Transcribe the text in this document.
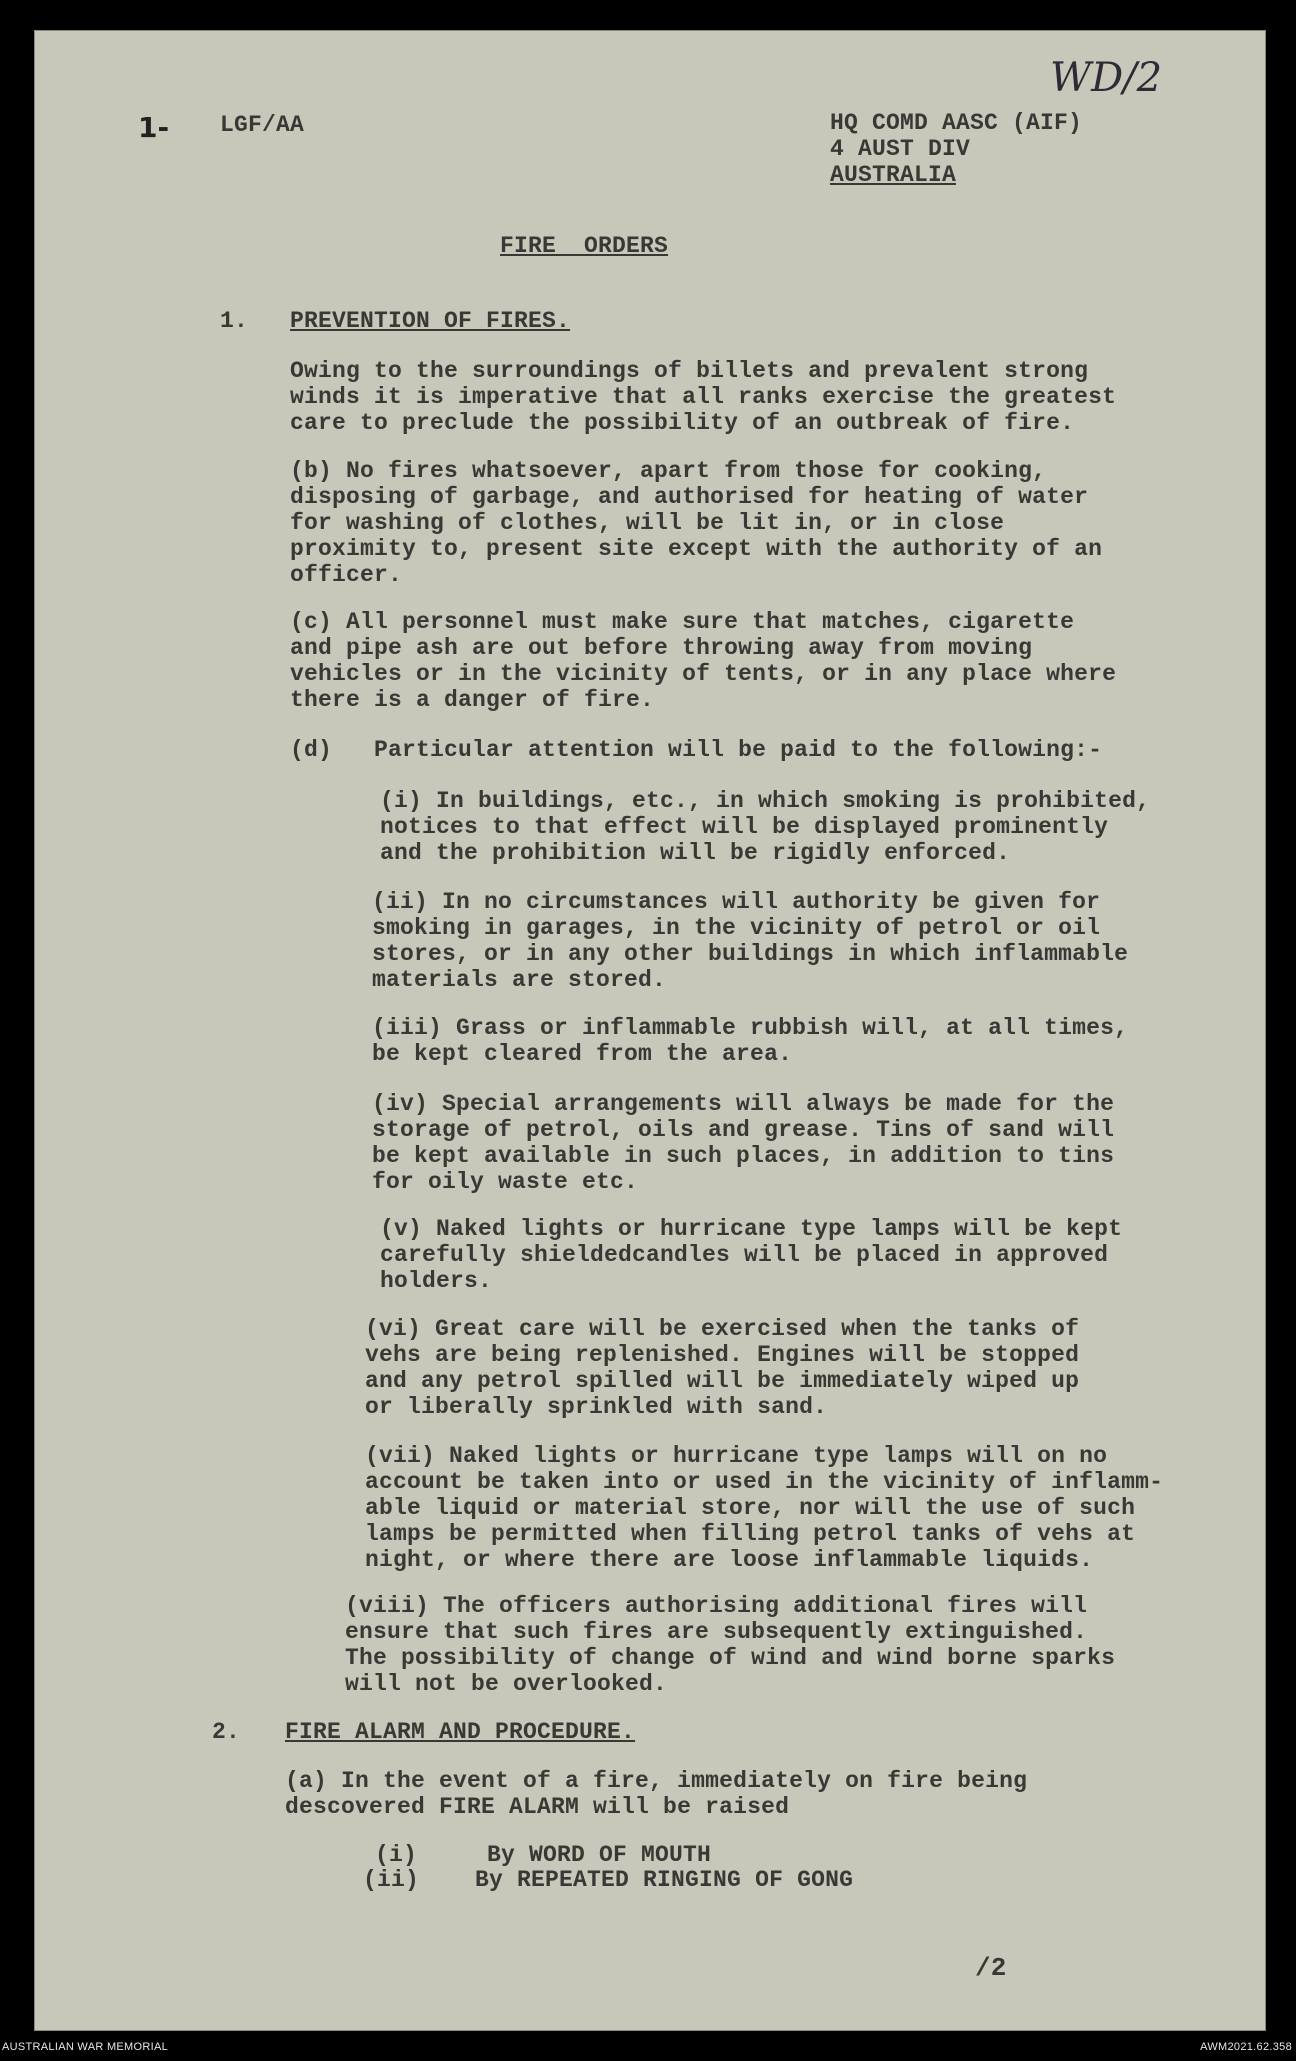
1- LGF/AA	HQ COMD AASC (AIF)

4 AUST DIV

AUSTRALIA

WD/2

FIRE  ORDERS

1. PREVENTION OF FIRES.

Owing to the surroundings of billets and prevalent strong
winds it is imperative that all ranks exercise the greatest
care to preclude the possibility of an outbreak of fire.

(b) No fires whatsoever, apart from those for cooking,
disposing of garbage, and authorised for heating of water
for washing of clothes, will be lit in, or in close
proximity to, present site except with the authority of an
officer.

(c) All personnel must make sure that matches, cigarette
and pipe ash are out before throwing away from moving
vehicles or in the vicinity of tents, or in any place where
there is a danger of fire.

(d)   Particular attention will be paid to the following:-

(i) In buildings, etc., in which smoking is prohibited,
notices to that effect will be displayed prominently
and the prohibition will be rigidly enforced.

(ii) In no circumstances will authority be given for
smoking in garages, in the vicinity of petrol or oil
stores, or in any other buildings in which inflammable
materials are stored.

(iii) Grass or inflammable rubbish will, at all times,
be kept cleared from the area.

(iv) Special arrangements will always be made for the
storage of petrol, oils and grease. Tins of sand will
be kept available in such places, in addition to tins
for oily waste etc.

(v) Naked lights or hurricane type lamps will be kept
carefully shieldedcandles will be placed in approved
holders.

(vi) Great care will be exercised when the tanks of
vehs are being replenished. Engines will be stopped
and any petrol spilled will be immediately wiped up
or liberally sprinkled with sand.

(vii) Naked lights or hurricane type lamps will on no
account be taken into or used in the vicinity of inflamm-
able liquid or material store, nor will the use of such
lamps be permitted when filling petrol tanks of vehs at
night, or where there are loose inflammable liquids.

(viii) The officers authorising additional fires will
ensure that such fires are subsequently extinguished.
The possibility of change of wind and wind borne sparks
will not be overlooked.

2. FIRE ALARM AND PROCEDURE.

(a) In the event of a fire, immediately on fire being
descovered FIRE ALARM will be raised

(i)     By WORD OF MOUTH

(ii)    By REPEATED RINGING OF GONG

/2

AUSTRALIAN WAR MEMORIAL	AWM2021.62.358
